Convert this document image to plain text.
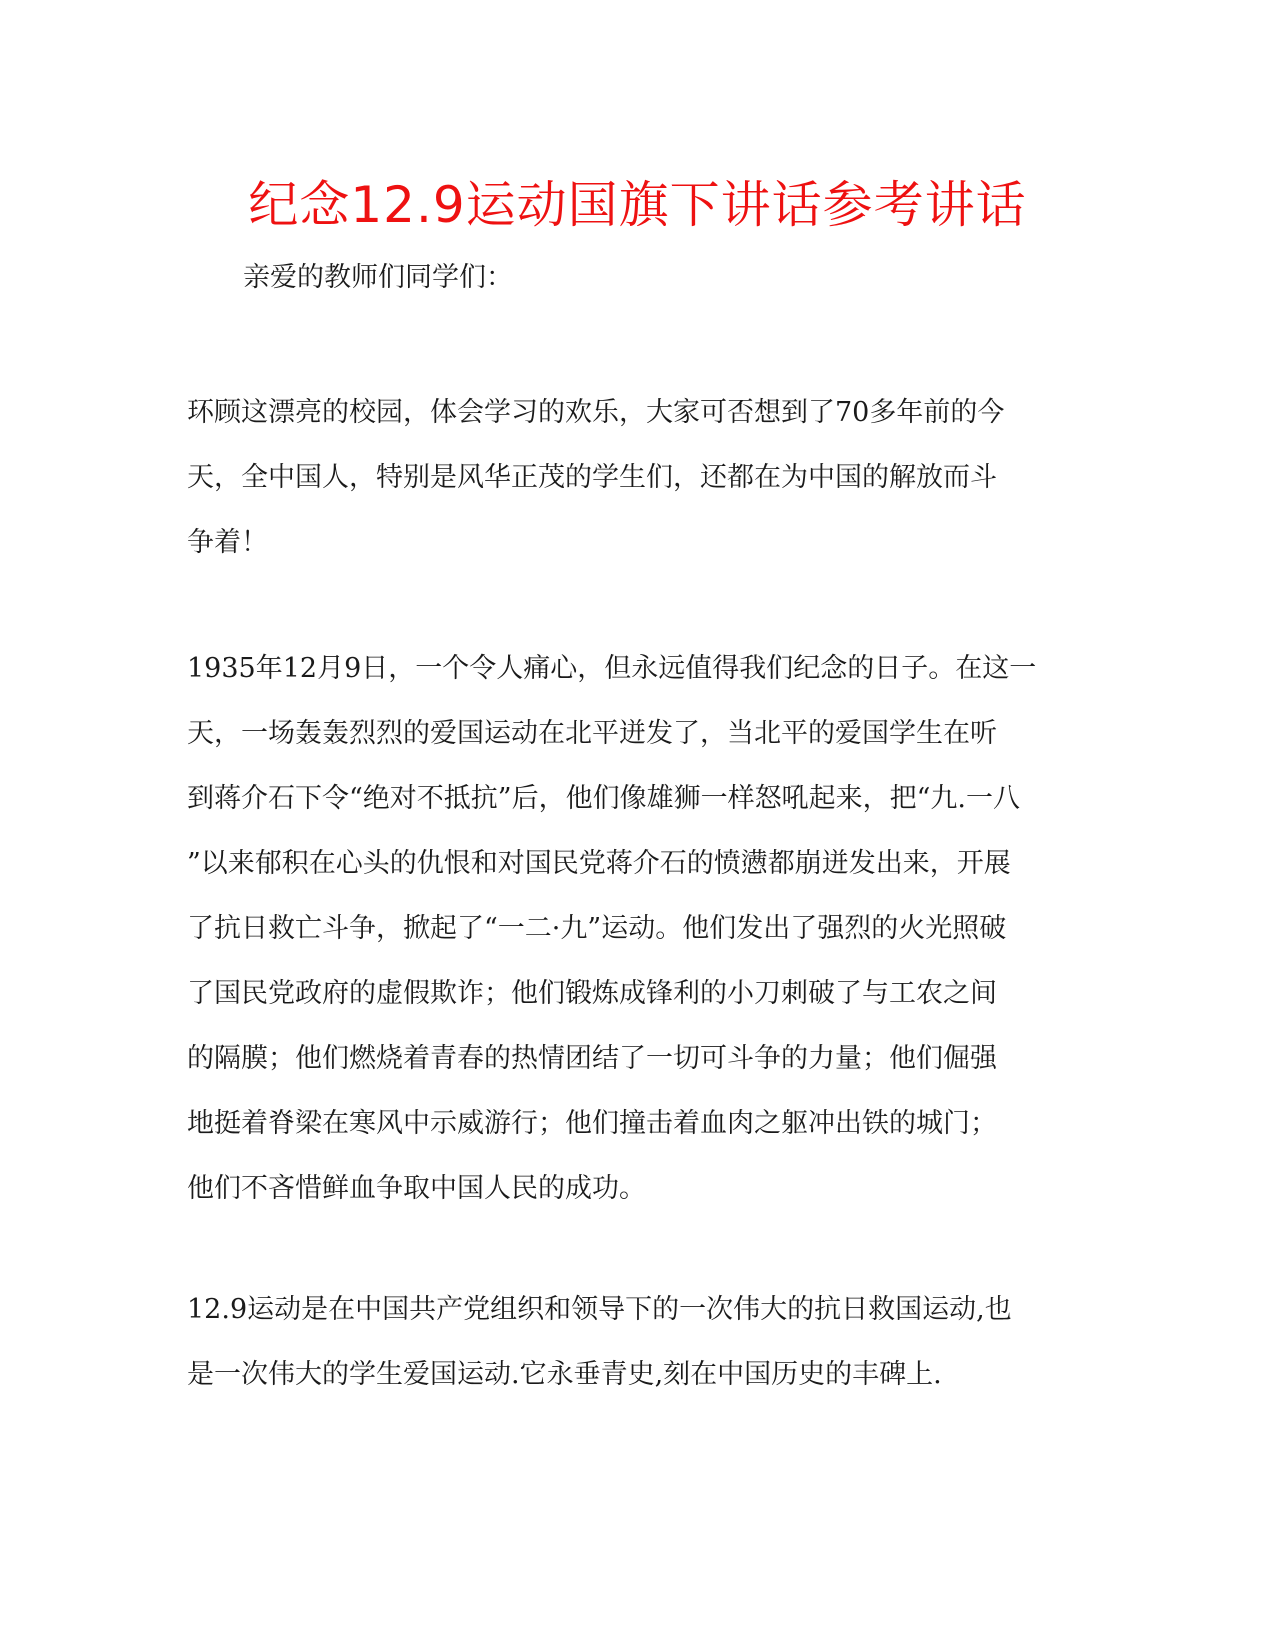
纪念12.9运动国旗下讲话参考讲话
亲爱的教师们同学们：
环顾这漂亮的校园，体会学习的欢乐，大家可否想到了70多年前的今
天，全中国人，特别是风华正茂的学生们，还都在为中国的解放而斗
争着！
1935年12月9日，一个令人痛心，但永远值得我们纪念的日子。在这一
天，一场轰轰烈烈的爱国运动在北平迸发了，当北平的爱国学生在听
到蒋介石下令“绝对不抵抗”后，他们像雄狮一样怒吼起来，把“九.一八
”以来郁积在心头的仇恨和对国民党蒋介石的愤懑都崩迸发出来，开展
了抗日救亡斗争，掀起了“一二·九”运动。他们发出了强烈的火光照破
了国民党政府的虚假欺诈；他们锻炼成锋利的小刀刺破了与工农之间
的隔膜；他们燃烧着青春的热情团结了一切可斗争的力量；他们倔强
地挺着脊梁在寒风中示威游行；他们撞击着血肉之躯冲出铁的城门；
他们不吝惜鲜血争取中国人民的成功。
12.9运动是在中国共产党组织和领导下的一次伟大的抗日救国运动,也
是一次伟大的学生爱国运动.它永垂青史,刻在中国历史的丰碑上.
